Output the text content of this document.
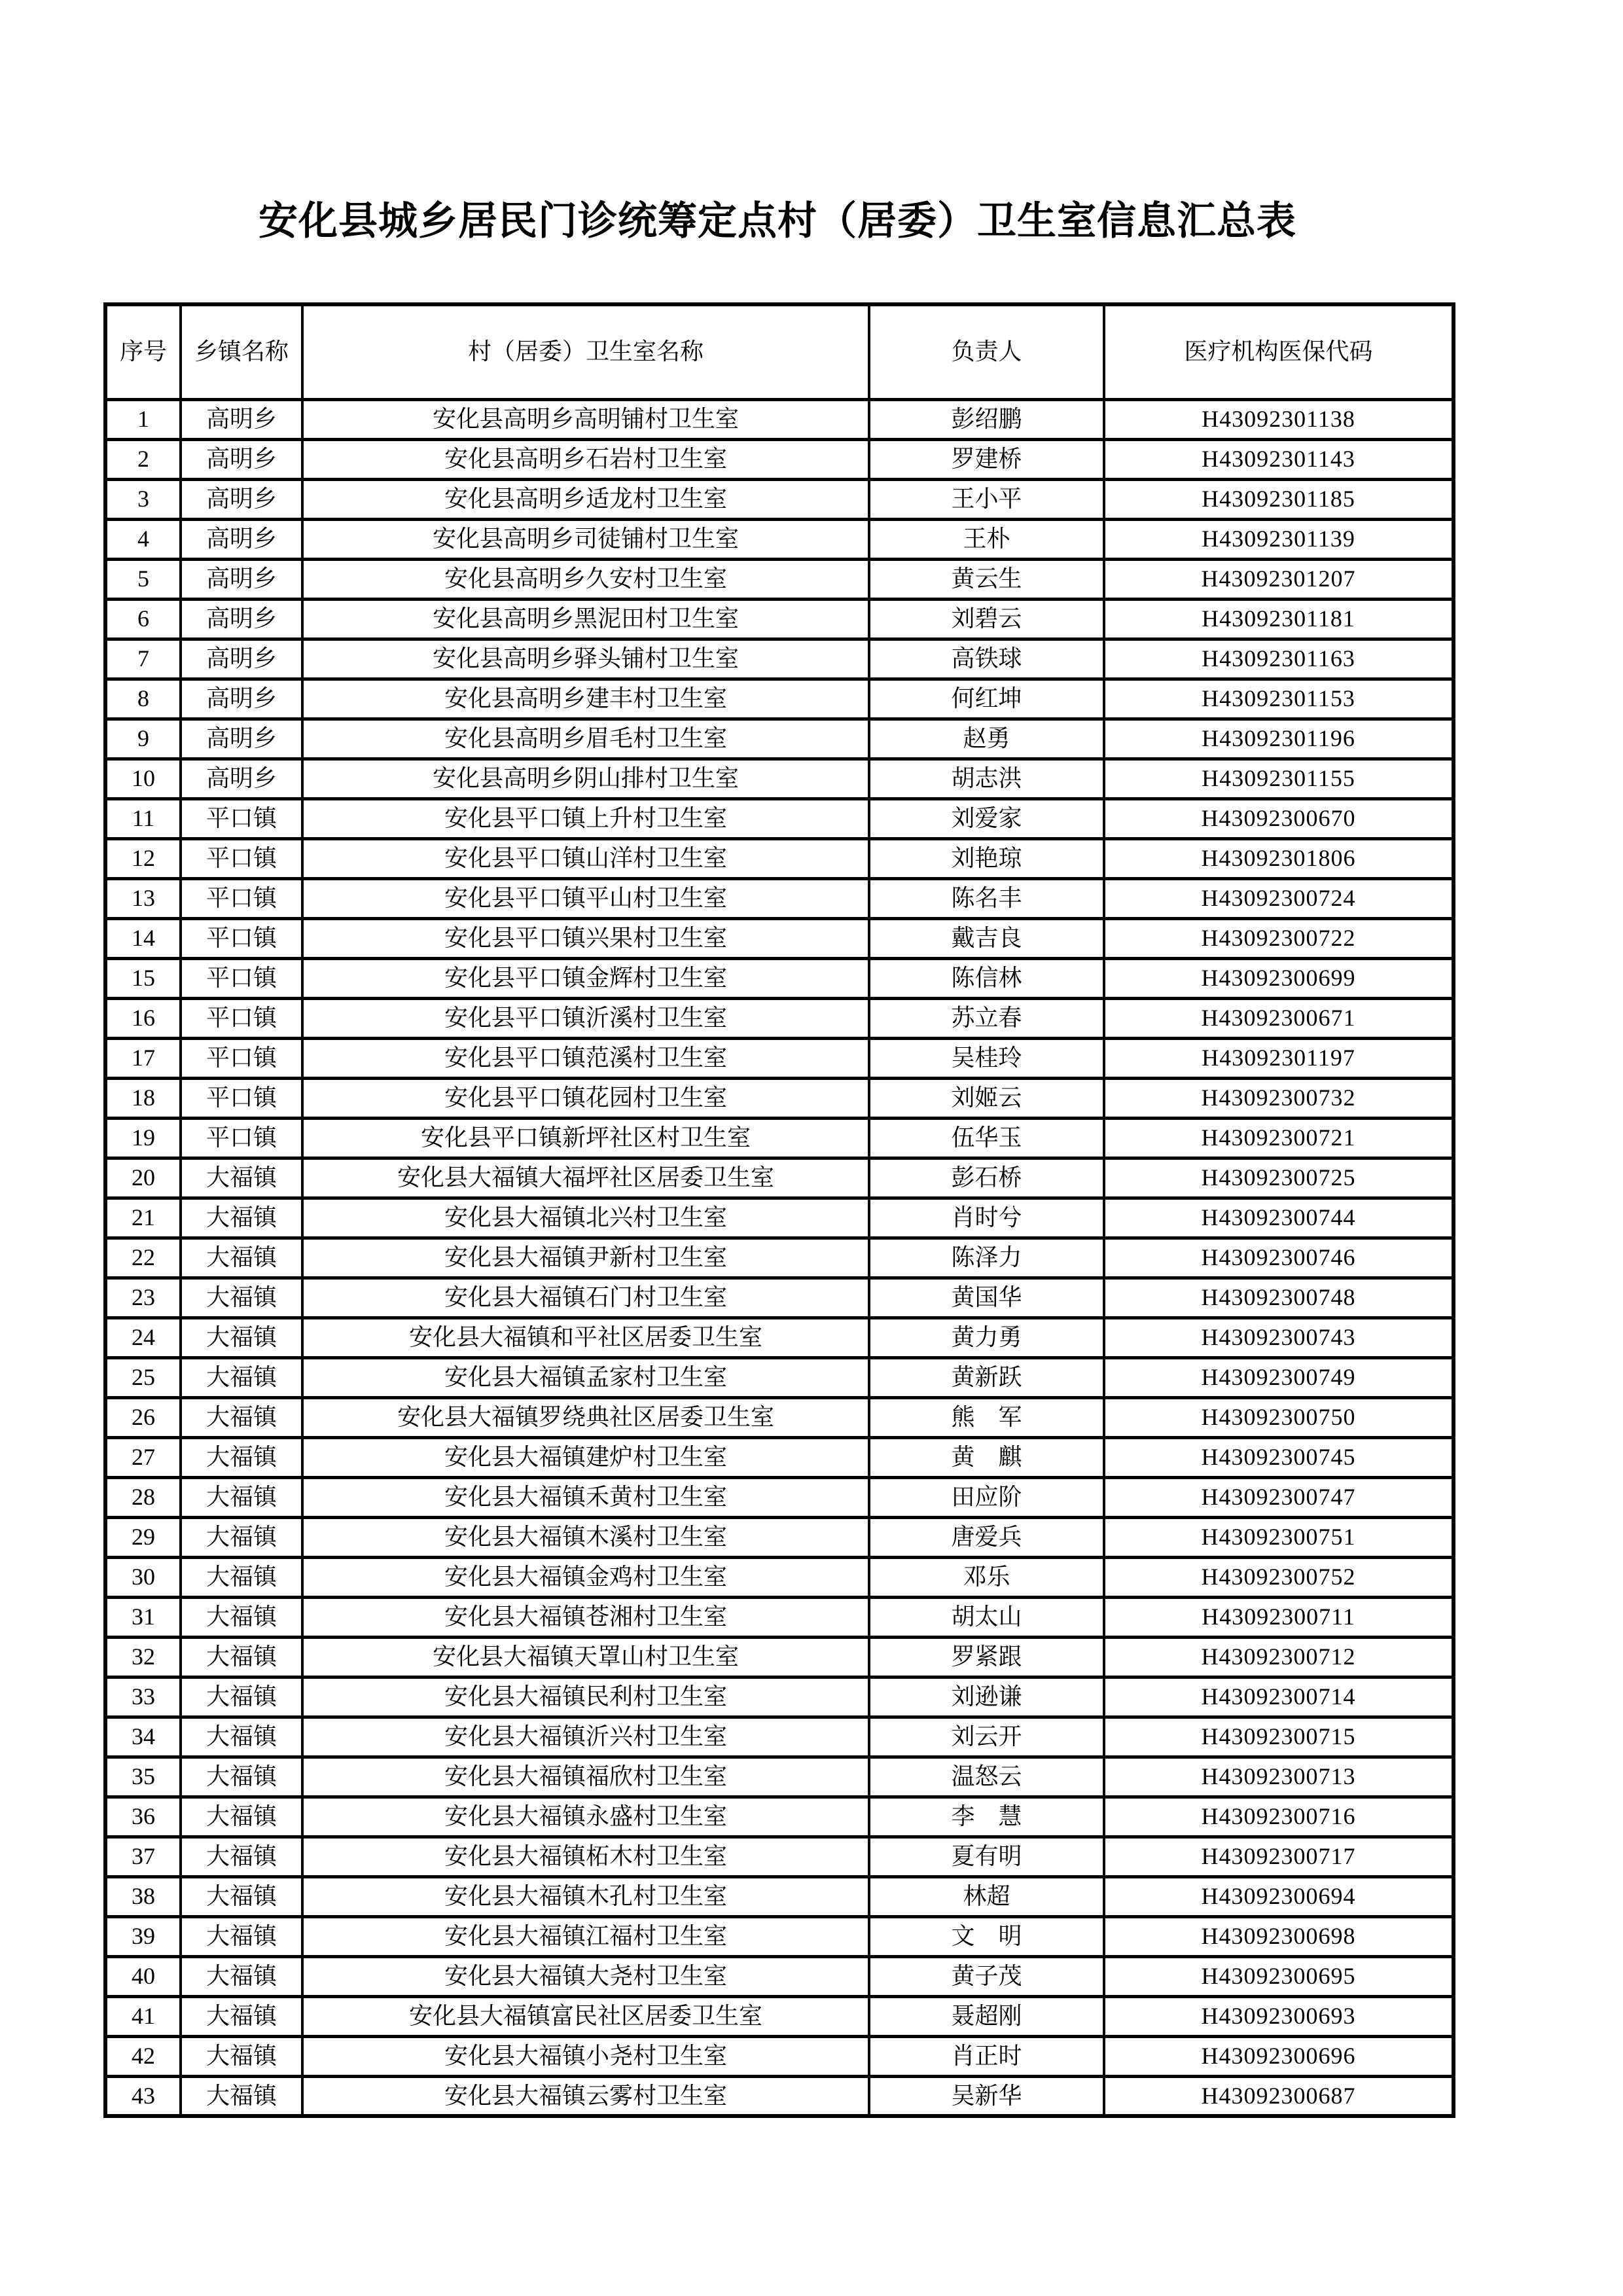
安化县城乡居民门诊统筹定点村（居委）卫生室信息汇总表
序号	乡镇名称	村（居委）卫生室名称	负责人	医疗机构医保代码
1	高明乡	安化县高明乡高明铺村卫生室	彭绍鹏	H43092301138
2	高明乡	安化县高明乡石岩村卫生室	罗建桥	H43092301143
3	高明乡	安化县高明乡适龙村卫生室	王小平	H43092301185
4	高明乡	安化县高明乡司徒铺村卫生室	王朴	H43092301139
5	高明乡	安化县高明乡久安村卫生室	黄云生	H43092301207
6	高明乡	安化县高明乡黑泥田村卫生室	刘碧云	H43092301181
7	高明乡	安化县高明乡驿头铺村卫生室	高铁球	H43092301163
8	高明乡	安化县高明乡建丰村卫生室	何红坤	H43092301153
9	高明乡	安化县高明乡眉毛村卫生室	赵勇	H43092301196
10	高明乡	安化县高明乡阴山排村卫生室	胡志洪	H43092301155
11	平口镇	安化县平口镇上升村卫生室	刘爱家	H43092300670
12	平口镇	安化县平口镇山洋村卫生室	刘艳琼	H43092301806
13	平口镇	安化县平口镇平山村卫生室	陈名丰	H43092300724
14	平口镇	安化县平口镇兴果村卫生室	戴吉良	H43092300722
15	平口镇	安化县平口镇金辉村卫生室	陈信林	H43092300699
16	平口镇	安化县平口镇沂溪村卫生室	苏立春	H43092300671
17	平口镇	安化县平口镇范溪村卫生室	吴桂玲	H43092301197
18	平口镇	安化县平口镇花园村卫生室	刘姬云	H43092300732
19	平口镇	安化县平口镇新坪社区村卫生室	伍华玉	H43092300721
20	大福镇	安化县大福镇大福坪社区居委卫生室	彭石桥	H43092300725
21	大福镇	安化县大福镇北兴村卫生室	肖时兮	H43092300744
22	大福镇	安化县大福镇尹新村卫生室	陈泽力	H43092300746
23	大福镇	安化县大福镇石门村卫生室	黄国华	H43092300748
24	大福镇	安化县大福镇和平社区居委卫生室	黄力勇	H43092300743
25	大福镇	安化县大福镇孟家村卫生室	黄新跃	H43092300749
26	大福镇	安化县大福镇罗绕典社区居委卫生室	熊　军	H43092300750
27	大福镇	安化县大福镇建炉村卫生室	黄　麒	H43092300745
28	大福镇	安化县大福镇禾黄村卫生室	田应阶	H43092300747
29	大福镇	安化县大福镇木溪村卫生室	唐爱兵	H43092300751
30	大福镇	安化县大福镇金鸡村卫生室	邓乐	H43092300752
31	大福镇	安化县大福镇苍湘村卫生室	胡太山	H43092300711
32	大福镇	安化县大福镇天罩山村卫生室	罗紧跟	H43092300712
33	大福镇	安化县大福镇民利村卫生室	刘逊谦	H43092300714
34	大福镇	安化县大福镇沂兴村卫生室	刘云开	H43092300715
35	大福镇	安化县大福镇福欣村卫生室	温怒云	H43092300713
36	大福镇	安化县大福镇永盛村卫生室	李　慧	H43092300716
37	大福镇	安化县大福镇柘木村卫生室	夏有明	H43092300717
38	大福镇	安化县大福镇木孔村卫生室	林超	H43092300694
39	大福镇	安化县大福镇江福村卫生室	文　明	H43092300698
40	大福镇	安化县大福镇大尧村卫生室	黄子茂	H43092300695
41	大福镇	安化县大福镇富民社区居委卫生室	聂超刚	H43092300693
42	大福镇	安化县大福镇小尧村卫生室	肖正时	H43092300696
43	大福镇	安化县大福镇云雾村卫生室	吴新华	H43092300687
